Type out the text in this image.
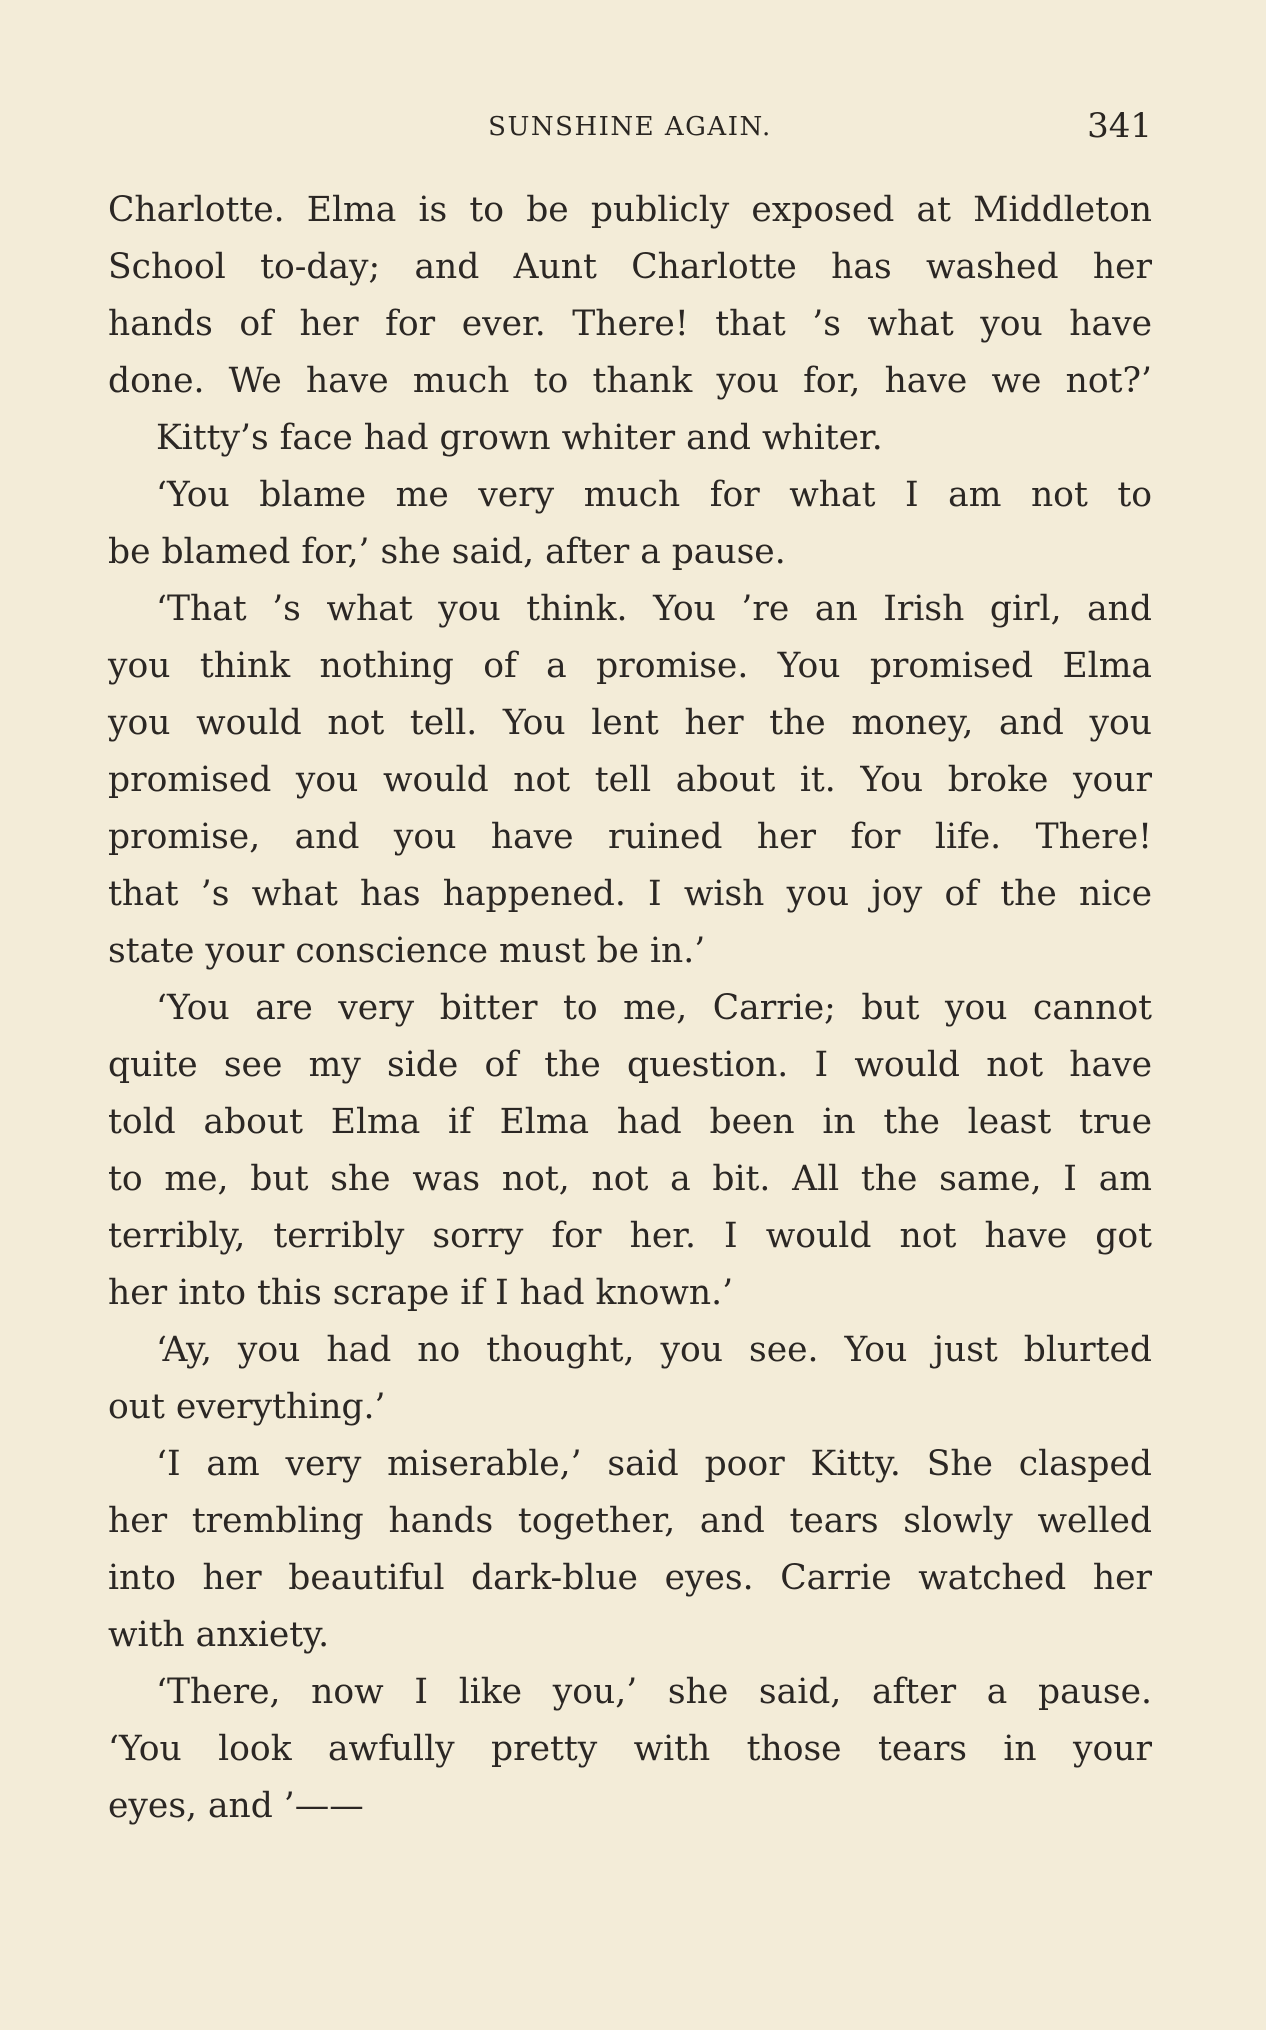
SUNSHINE AGAIN.	341
Charlotte. Elma is to be publicly exposed at Middleton
School to-day; and Aunt Charlotte has washed her
hands of her for ever. There! that ’s what you have
done. We have much to thank you for, have we not?’
Kitty’s face had grown whiter and whiter.
‘You blame me very much for what I am not to
be blamed for,’ she said, after a pause.
‘That ’s what you think. You ’re an Irish girl, and
you think nothing of a promise. You promised Elma
you would not tell. You lent her the money, and you
promised you would not tell about it. You broke your
promise, and you have ruined her for life. There!
that ’s what has happened. I wish you joy of the nice
state your conscience must be in.’
‘You are very bitter to me, Carrie; but you cannot
quite see my side of the question. I would not have
told about Elma if Elma had been in the least true
to me, but she was not, not a bit. All the same, I am
terribly, terribly sorry for her. I would not have got
her into this scrape if I had known.’
‘Ay, you had no thought, you see. You just blurted
out everything.’
‘I am very miserable,’ said poor Kitty. She clasped
her trembling hands together, and tears slowly welled
into her beautiful dark-blue eyes. Carrie watched her
with anxiety.
‘There, now I like you,’ she said, after a pause.
‘You look awfully pretty with those tears in your
eyes, and ’——
